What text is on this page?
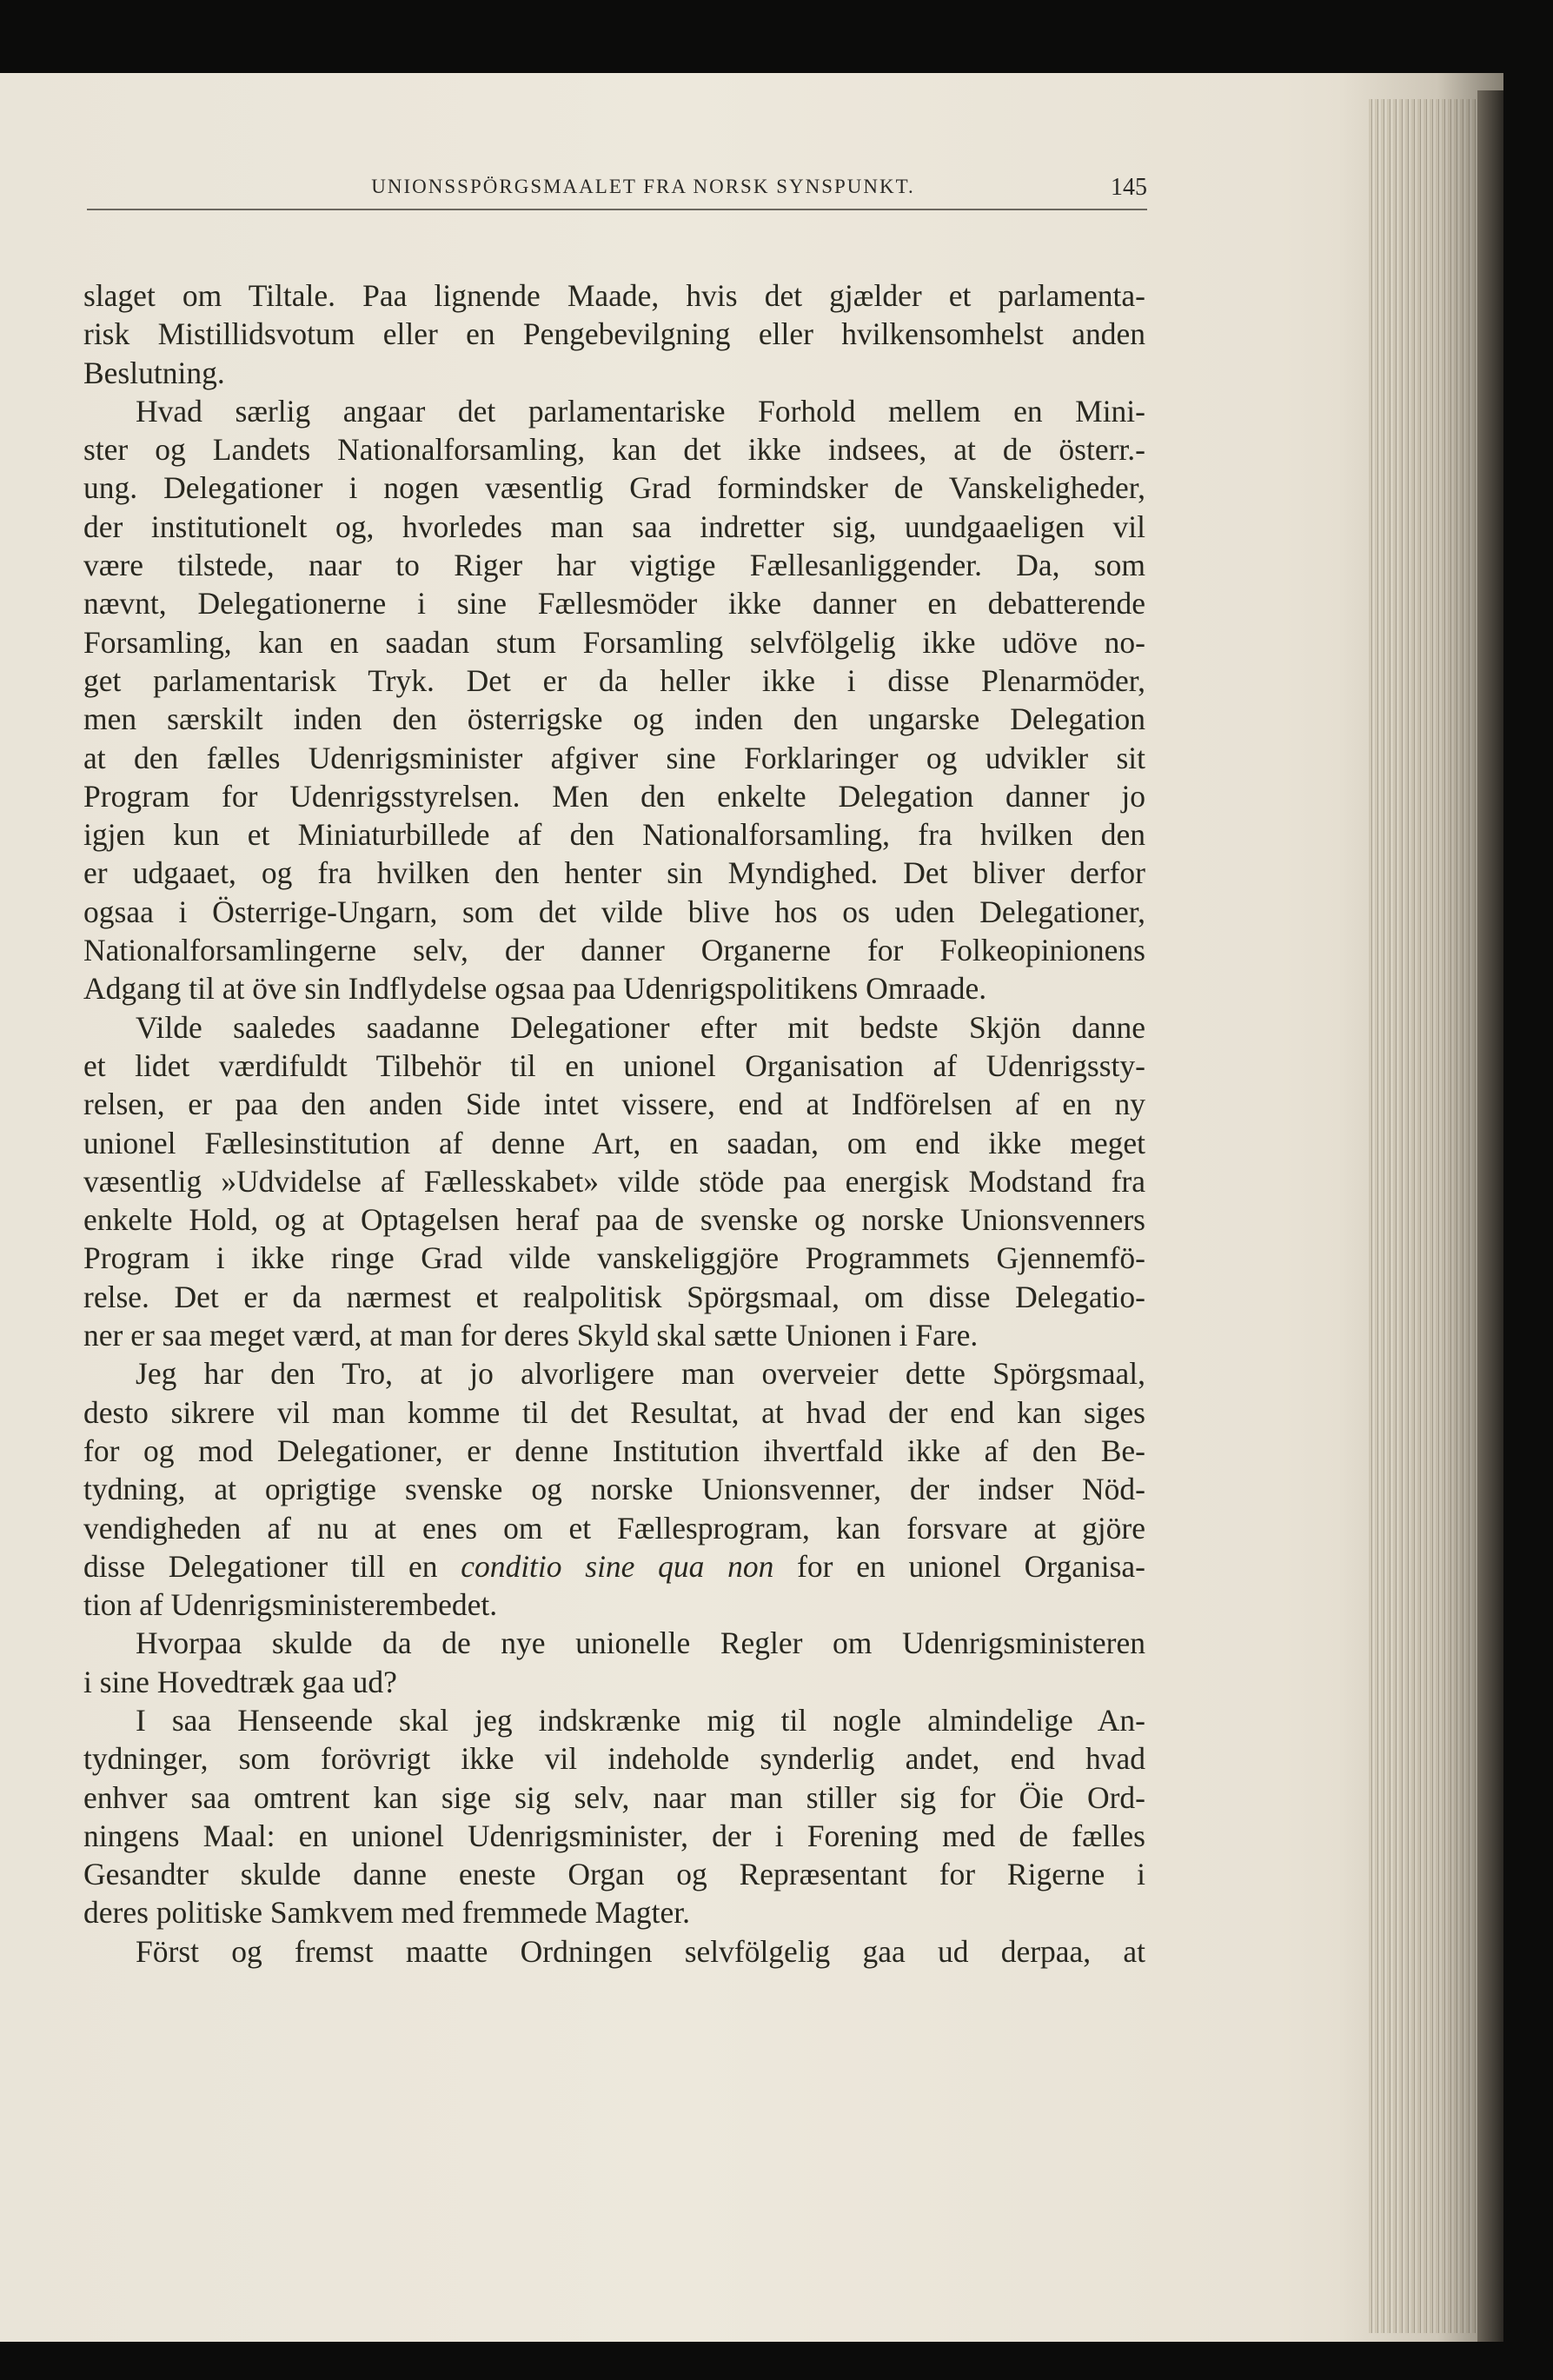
UNIONSSPÖRGSMAALET FRA NORSK SYNSPUNKT.	145
slaget om Tiltale. Paa lignende Maade, hvis det gjælder et parlamenta-
risk Mistillidsvotum eller en Pengebevilgning eller hvilkensomhelst anden
Beslutning.
Hvad særlig angaar det parlamentariske Forhold mellem en Mini-
ster og Landets Nationalforsamling, kan det ikke indsees, at de österr.-
ung. Delegationer i nogen væsentlig Grad formindsker de Vanskeligheder,
der institutionelt og, hvorledes man saa indretter sig, uundgaaeligen vil
være tilstede, naar to Riger har vigtige Fællesanliggender. Da, som
nævnt, Delegationerne i sine Fællesmöder ikke danner en debatterende
Forsamling, kan en saadan stum Forsamling selvfölgelig ikke udöve no-
get parlamentarisk Tryk. Det er da heller ikke i disse Plenarmöder,
men særskilt inden den österrigske og inden den ungarske Delegation
at den fælles Udenrigsminister afgiver sine Forklaringer og udvikler sit
Program for Udenrigsstyrelsen. Men den enkelte Delegation danner jo
igjen kun et Miniaturbillede af den Nationalforsamling, fra hvilken den
er udgaaet, og fra hvilken den henter sin Myndighed. Det bliver derfor
ogsaa i Österrige-Ungarn, som det vilde blive hos os uden Delegationer,
Nationalforsamlingerne selv, der danner Organerne for Folkeopinionens
Adgang til at öve sin Indflydelse ogsaa paa Udenrigspolitikens Omraade.
Vilde saaledes saadanne Delegationer efter mit bedste Skjön danne
et lidet værdifuldt Tilbehör til en unionel Organisation af Udenrigssty-
relsen, er paa den anden Side intet vissere, end at Indförelsen af en ny
unionel Fællesinstitution af denne Art, en saadan, om end ikke meget
væsentlig »Udvidelse af Fællesskabet» vilde stöde paa energisk Modstand fra
enkelte Hold, og at Optagelsen heraf paa de svenske og norske Unionsvenners
Program i ikke ringe Grad vilde vanskeliggjöre Programmets Gjennemfö-
relse. Det er da nærmest et realpolitisk Spörgsmaal, om disse Delegatio-
ner er saa meget værd, at man for deres Skyld skal sætte Unionen i Fare.
Jeg har den Tro, at jo alvorligere man overveier dette Spörgsmaal,
desto sikrere vil man komme til det Resultat, at hvad der end kan siges
for og mod Delegationer, er denne Institution ihvertfald ikke af den Be-
tydning, at oprigtige svenske og norske Unionsvenner, der indser Nöd-
vendigheden af nu at enes om et Fællesprogram, kan forsvare at gjöre
disse Delegationer till en conditio sine qua non for en unionel Organisa-
tion af Udenrigsministerembedet.
Hvorpaa skulde da de nye unionelle Regler om Udenrigsministeren
i sine Hovedtræk gaa ud?
I saa Henseende skal jeg indskrænke mig til nogle almindelige An-
tydninger, som forövrigt ikke vil indeholde synderlig andet, end hvad
enhver saa omtrent kan sige sig selv, naar man stiller sig for Öie Ord-
ningens Maal: en unionel Udenrigsminister, der i Forening med de fælles
Gesandter skulde danne eneste Organ og Repræsentant for Rigerne i
deres politiske Samkvem med fremmede Magter.
Först og fremst maatte Ordningen selvfölgelig gaa ud derpaa, at
